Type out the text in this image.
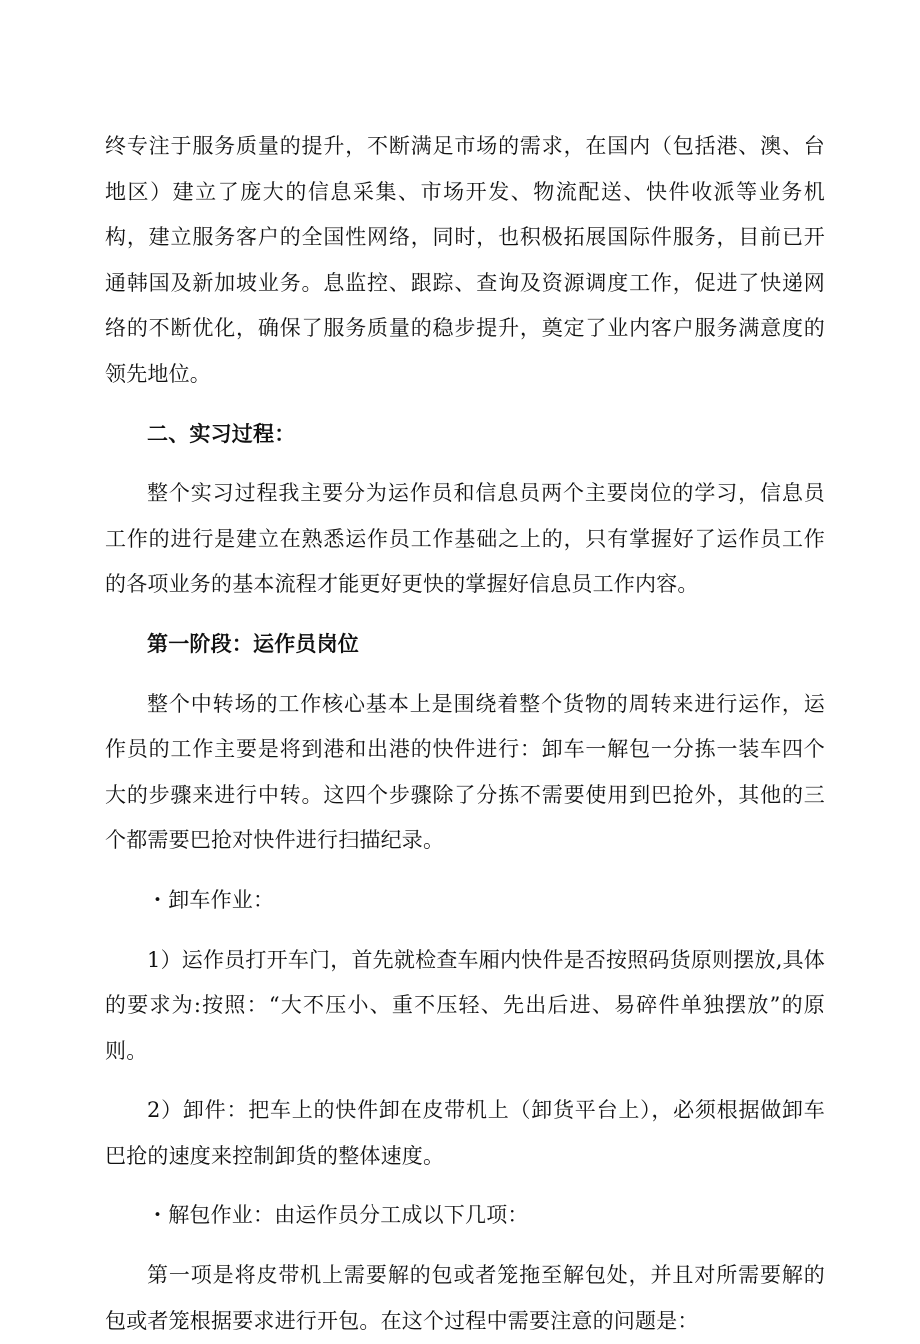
终专注于服务质量的提升，不断满足市场的需求，在国内（包括港、澳、台地区）建立了庞大的信息采集、市场开发、物流配送、快件收派等业务机构，建立服务客户的全国性网络，同时，也积极拓展国际件服务，目前已开通韩国及新加坡业务。息监控、跟踪、查询及资源调度工作，促进了快递网络的不断优化，确保了服务质量的稳步提升，奠定了业内客户服务满意度的领先地位。

二、实习过程：

整个实习过程我主要分为运作员和信息员两个主要岗位的学习，信息员工作的进行是建立在熟悉运作员工作基础之上的，只有掌握好了运作员工作的各项业务的基本流程才能更好更快的掌握好信息员工作内容。

第一阶段：运作员岗位

整个中转场的工作核心基本上是围绕着整个货物的周转来进行运作，运作员的工作主要是将到港和出港的快件进行：卸车一解包一分拣一装车四个大的步骤来进行中转。这四个步骤除了分拣不需要使用到巴抢外，其他的三个都需要巴抢对快件进行扫描纪录。

・卸车作业：

1）运作员打开车门，首先就检查车厢内快件是否按照码货原则摆放,具体的要求为:按照：“大不压小、重不压轻、先出后进、易碎件单独摆放”的原则。

2）卸件：把车上的快件卸在皮带机上（卸货平台上），必须根据做卸车巴抢的速度来控制卸货的整体速度。

・解包作业：由运作员分工成以下几项：

第一项是将皮带机上需要解的包或者笼拖至解包处，并且对所需要解的包或者笼根据要求进行开包。在这个过程中需要注意的问题是：
